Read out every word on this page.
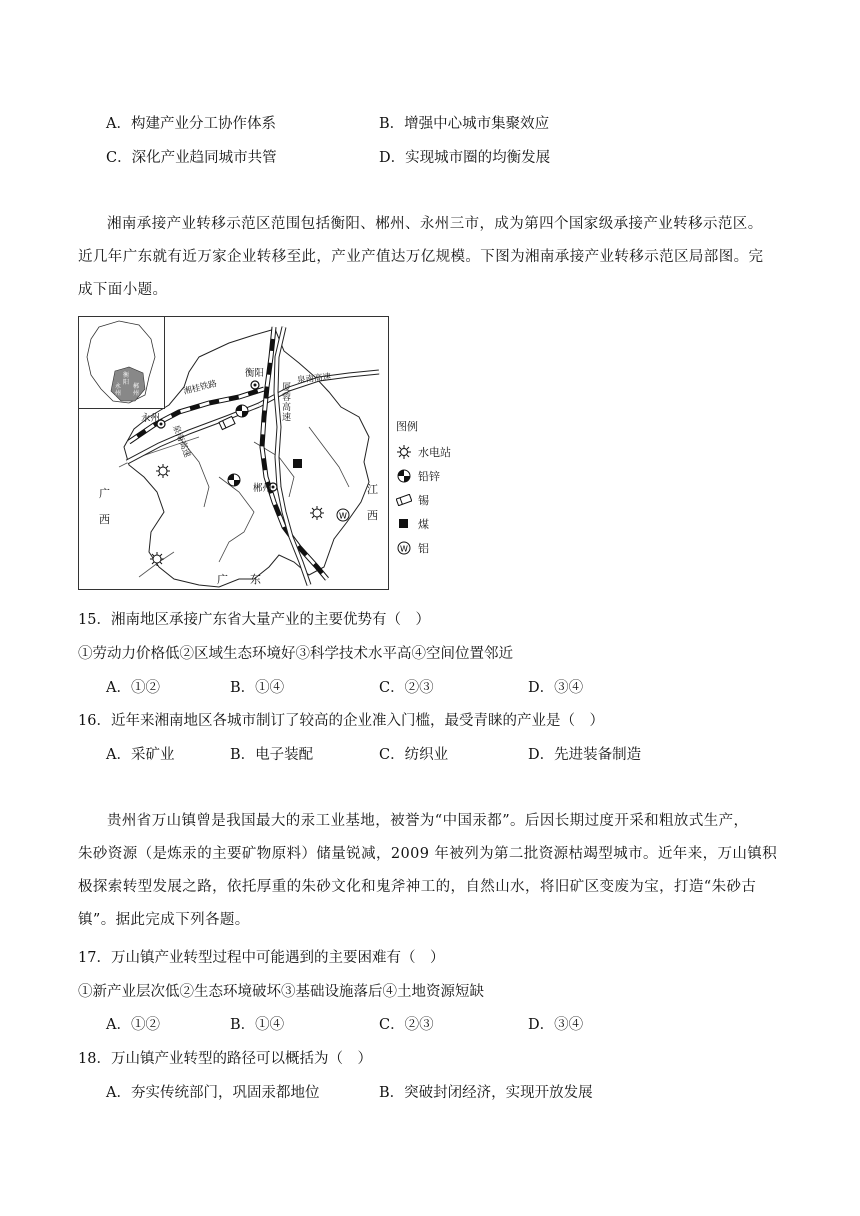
A．构建产业分工协作体系	B．增强中心城市集聚效应
C．深化产业趋同城市共管	D．实现城市圈的均衡发展

湘南承接产业转移示范区范围包括衡阳、郴州、永州三市，成为第四个国家级承接产业转移示范区。

近几年广东就有近万家企业转移至此，产业产值达万亿规模。下图为湘南承接产业转移示范区局部图。完

成下面小题。

W
衡阳
永州
郴州
衡阳
永州
郴州
湘桂铁路
泉南高速
泉南高速
厦蓉高速
广西
江西
广　　东
图例
水电站
铅锌
锡
煤
W 铝
15．湘南地区承接广东省大量产业的主要优势有（　）
①劳动力价格低②区域生态环境好③科学技术水平高④空间位置邻近
A．①②	B．①④	C．②③	D．③④
16．近年来湘南地区各城市制订了较高的企业准入门槛，最受青睐的产业是（　）
A．采矿业	B．电子装配	C．纺织业	D．先进装备制造

贵州省万山镇曾是我国最大的汞工业基地，被誉为“中国汞都”。后因长期过度开采和粗放式生产，

朱砂资源（是炼汞的主要矿物原料）储量锐减，2009 年被列为第二批资源枯竭型城市。近年来，万山镇积

极探索转型发展之路，依托厚重的朱砂文化和鬼斧神工的，自然山水，将旧矿区变废为宝，打造“朱砂古

镇”。据此完成下列各题。

17．万山镇产业转型过程中可能遇到的主要困难有（　）
①新产业层次低②生态环境破坏③基础设施落后④土地资源短缺
A．①②	B．①④	C．②③	D．③④
18．万山镇产业转型的路径可以概括为（　）
A．夯实传统部门，巩固汞都地位	B．突破封闭经济，实现开放发展
